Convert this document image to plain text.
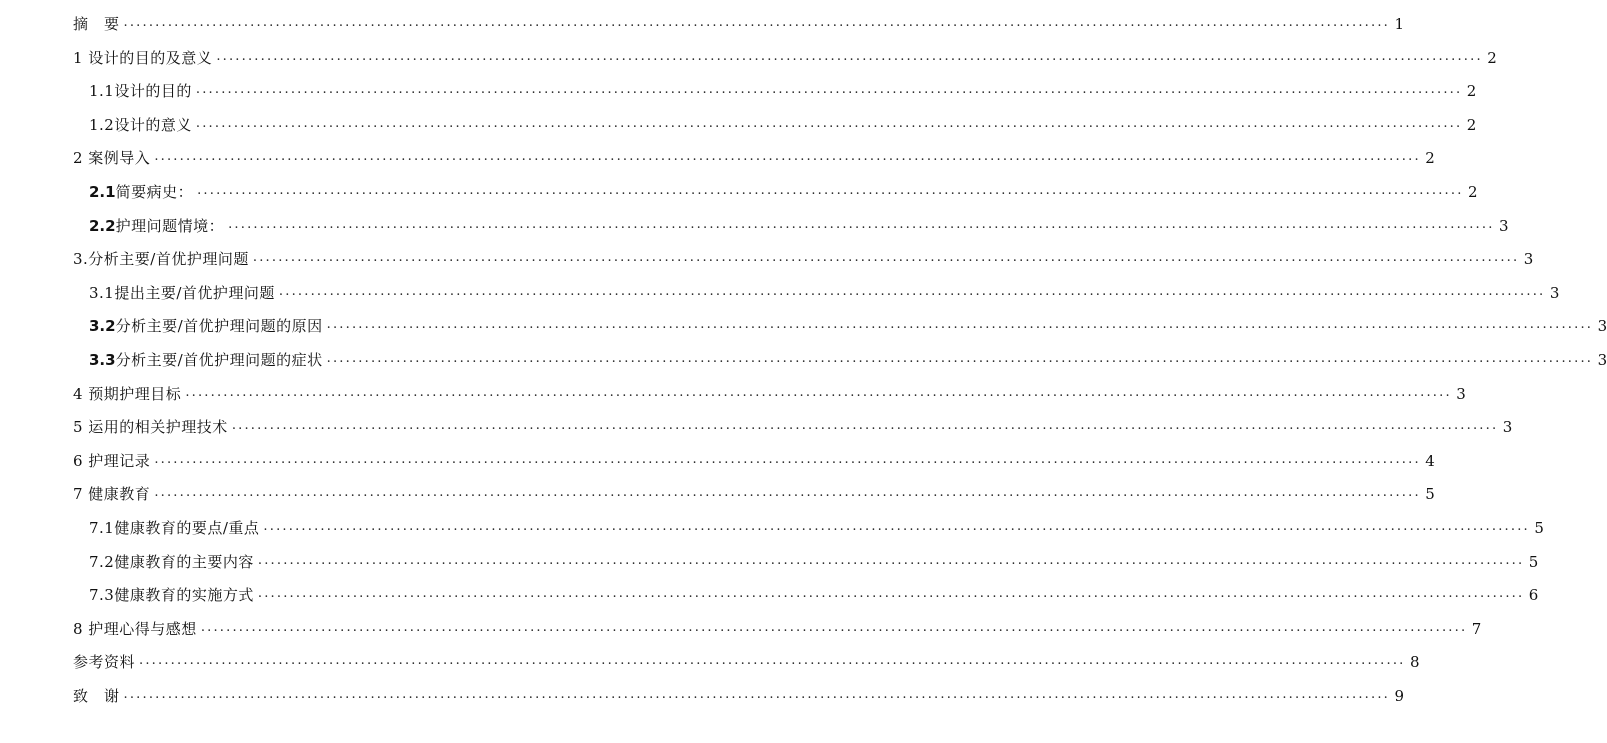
摘　要 ........................................................................................................................................................................................................ 1
1 设计的目的及意义 ........................................................................................................................................................................................................ 2
1.1设计的目的 ........................................................................................................................................................................................................ 2
1.2设计的意义 ........................................................................................................................................................................................................ 2
2 案例导入 ........................................................................................................................................................................................................ 2
2.1简要病史： ........................................................................................................................................................................................................ 2
2.2护理问题情境： ........................................................................................................................................................................................................ 3
3.分析主要/首优护理问题 ........................................................................................................................................................................................................ 3
3.1提出主要/首优护理问题 ........................................................................................................................................................................................................ 3
3.2分析主要/首优护理问题的原因 ........................................................................................................................................................................................................ 3
3.3分析主要/首优护理问题的症状 ........................................................................................................................................................................................................ 3
4 预期护理目标 ........................................................................................................................................................................................................ 3
5 运用的相关护理技术 ........................................................................................................................................................................................................ 3
6 护理记录 ........................................................................................................................................................................................................ 4
7 健康教育 ........................................................................................................................................................................................................ 5
7.1健康教育的要点/重点 ........................................................................................................................................................................................................ 5
7.2健康教育的主要内容 ........................................................................................................................................................................................................ 5
7.3健康教育的实施方式 ........................................................................................................................................................................................................ 6
8 护理心得与感想 ........................................................................................................................................................................................................ 7
参考资料 ........................................................................................................................................................................................................ 8
致　谢 ........................................................................................................................................................................................................ 9
